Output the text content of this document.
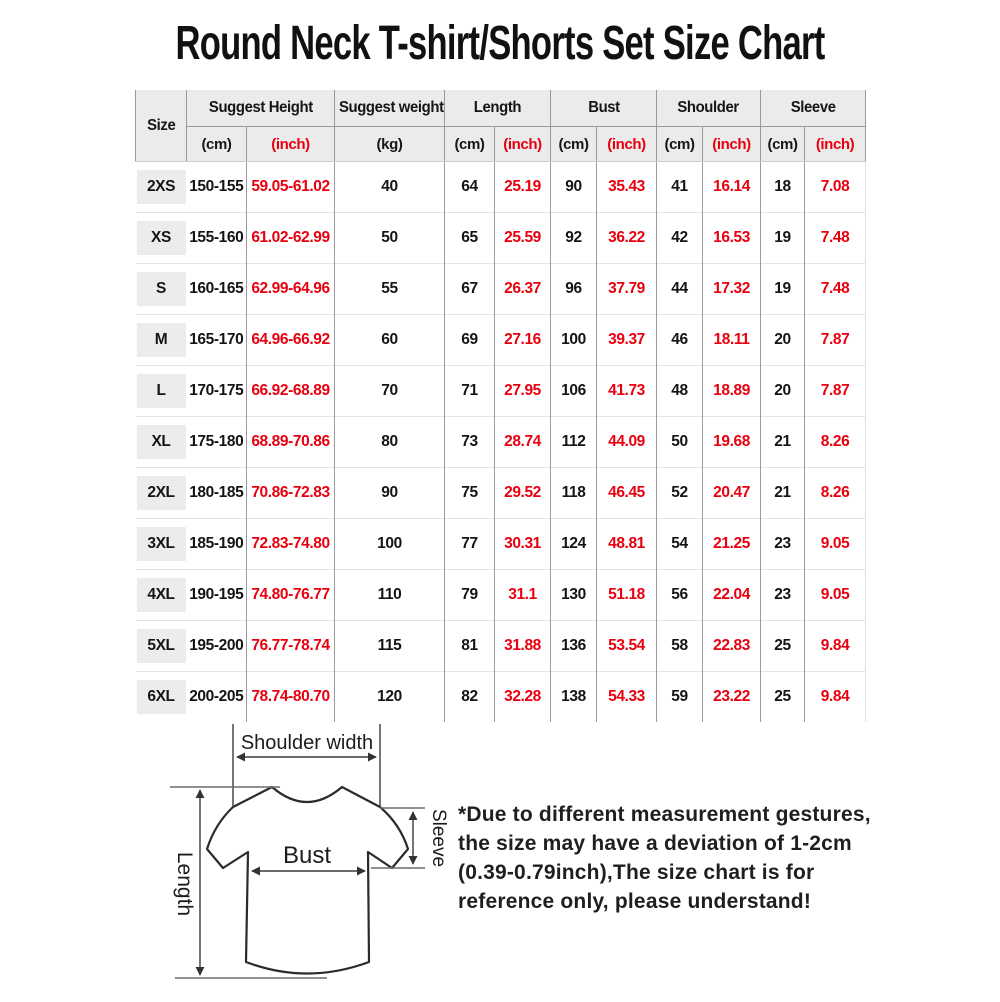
Round Neck T-shirt/Shorts Set Size Chart
Size	Suggest Height		Suggest weight	Length		Bust		Shoulder		Sleeve	
	(cm)	(inch)	(kg)	(cm)	(inch)	(cm)	(inch)	(cm)	(inch)	(cm)	(inch)

2XS	150-155	59.05-61.02	40	64	25.19	90	35.43	41	16.14	18	7.08

XS	155-160	61.02-62.99	50	65	25.59	92	36.22	42	16.53	19	7.48

S	160-165	62.99-64.96	55	67	26.37	96	37.79	44	17.32	19	7.48

M	165-170	64.96-66.92	60	69	27.16	100	39.37	46	18.11	20	7.87

L	170-175	66.92-68.89	70	71	27.95	106	41.73	48	18.89	20	7.87

XL	175-180	68.89-70.86	80	73	28.74	112	44.09	50	19.68	21	8.26

2XL	180-185	70.86-72.83	90	75	29.52	118	46.45	52	20.47	21	8.26

3XL	185-190	72.83-74.80	100	77	30.31	124	48.81	54	21.25	23	9.05

4XL	190-195	74.80-76.77	110	79	31.1	130	51.18	56	22.04	23	9.05

5XL	195-200	76.77-78.74	115	81	31.88	136	53.54	58	22.83	25	9.84

6XL	200-205	78.74-80.70	120	82	32.28	138	54.33	59	23.22	25	9.84
Shoulder width
Length	Bust	Sleeve *Due to different measurement gestures,
the size may have a deviation of 1-2cm
(0.39-0.79inch),The size chart is for
reference only, please understand!
